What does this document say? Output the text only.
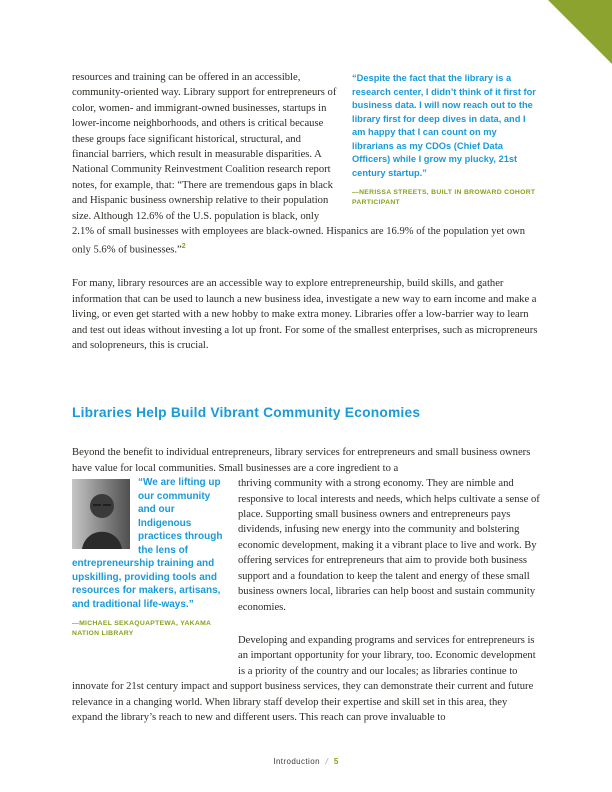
“Despite the fact that the library is a research center, I didn’t think of it first for business data. I will now reach out to the library first for deep dives in data, and I am happy that I can count on my librarians as my CDOs (Chief Data Officers) while I grow my plucky, 21st century startup.”

—NERISSA STREETS, BUILT IN BROWARD COHORT PARTICIPANT

resources and training can be offered in an accessible, community-oriented way. Library support for entrepreneurs of color, women- and immigrant-owned businesses, startups in lower-income neighborhoods, and others is critical because these groups face significant historical, structural, and financial barriers, which result in measurable disparities. A National Community Reinvestment Coalition research report notes, for example, that: “There are tremendous gaps in black and Hispanic business ownership relative to their population size. Although 12.6% of the U.S. population is black, only 2.1% of small businesses with employees are black-owned. Hispanics are 16.9% of the population yet own only 5.6% of businesses.”$^2$

For many, library resources are an accessible way to explore entrepreneurship, build skills, and gather information that can be used to launch a new business idea, investigate a new way to earn income and make a living, or even get started with a new hobby to make extra money. Libraries offer a low-barrier way to learn and test out ideas without investing a lot up front. For some of the smallest enterprises, such as micropreneurs and solopreneurs, this is crucial.

Libraries Help Build Vibrant Community Economies

Beyond the benefit to individual entrepreneurs, library services for entrepreneurs and small business owners have value for local communities. Small businesses are a core ingredient to a

“We are lifting up our community and our Indigenous practices through the lens of entrepreneurship training and upskilling, providing tools and resources for makers, artisans, and traditional life-ways.”

—MICHAEL SEKAQUAPTEWA, YAKAMA NATION LIBRARY

thriving community with a strong economy. They are nimble and responsive to local interests and needs, which helps cultivate a sense of place. Supporting small business owners and entrepreneurs pays dividends, infusing new energy into the community and bolstering economic development, making it a vibrant place to live and work. By offering services for entrepreneurs that aim to provide both business support and a foundation to keep the talent and energy of these small business owners local, libraries can help boost and sustain community economies.

Developing and expanding programs and services for entrepreneurs is an important opportunity for your library, too. Economic development is a priority of the country and our locales; as libraries continue to innovate for 21st century impact and support business services, they can demonstrate their current and future relevance in a changing world. When library staff develop their expertise and skill set in this area, they expand the library’s reach to new and different users. This reach can prove invaluable to

Introduction / 5
